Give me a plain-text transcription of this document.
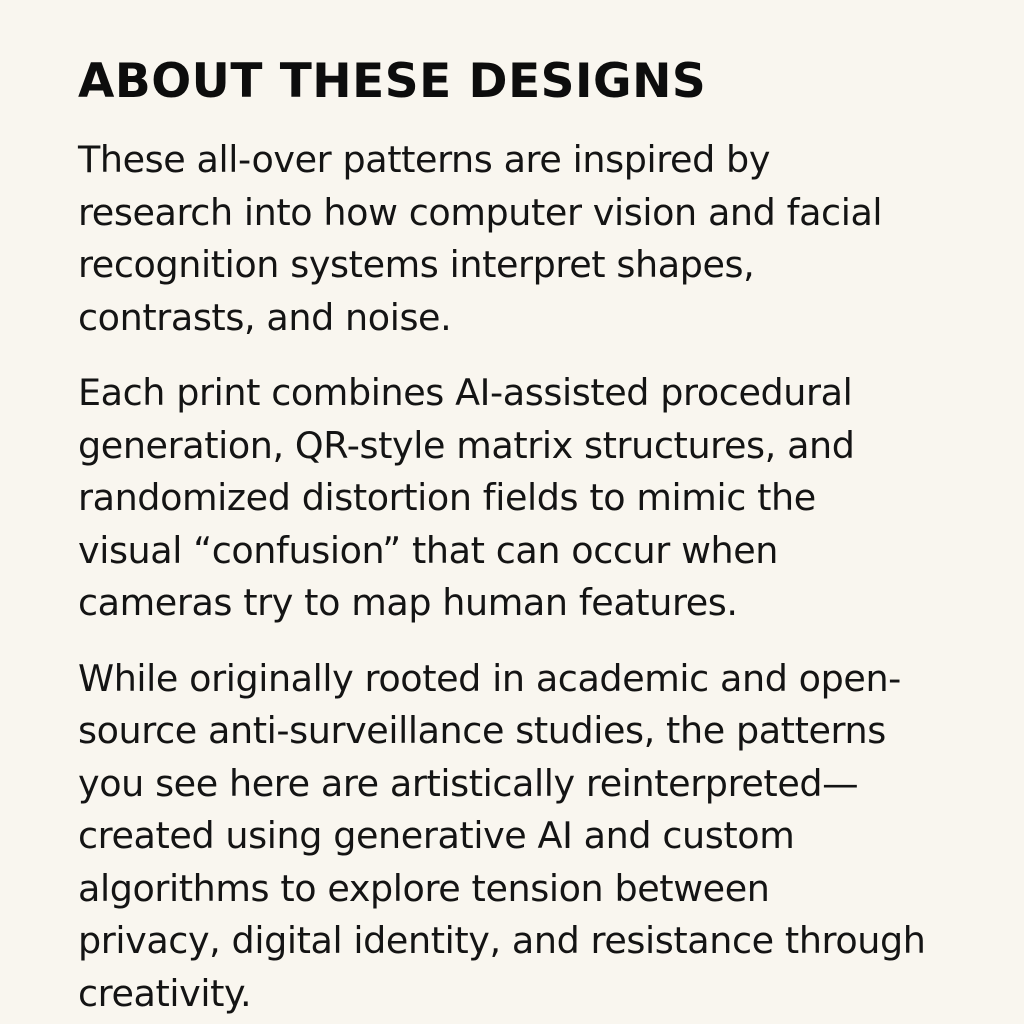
ABOUT THESE DESIGNS

These all-over patterns are inspired by
research into how computer vision and facial
recognition systems interpret shapes,
contrasts, and noise.

Each print combines AI-assisted procedural
generation, QR-style matrix structures, and
randomized distortion fields to mimic the
visual “confusion” that can occur when
cameras try to map human features.

While originally rooted in academic and open-
source anti-surveillance studies, the patterns
you see here are artistically reinterpreted—
created using generative AI and custom
algorithms to explore tension between
privacy, digital identity, and resistance through
creativity.
